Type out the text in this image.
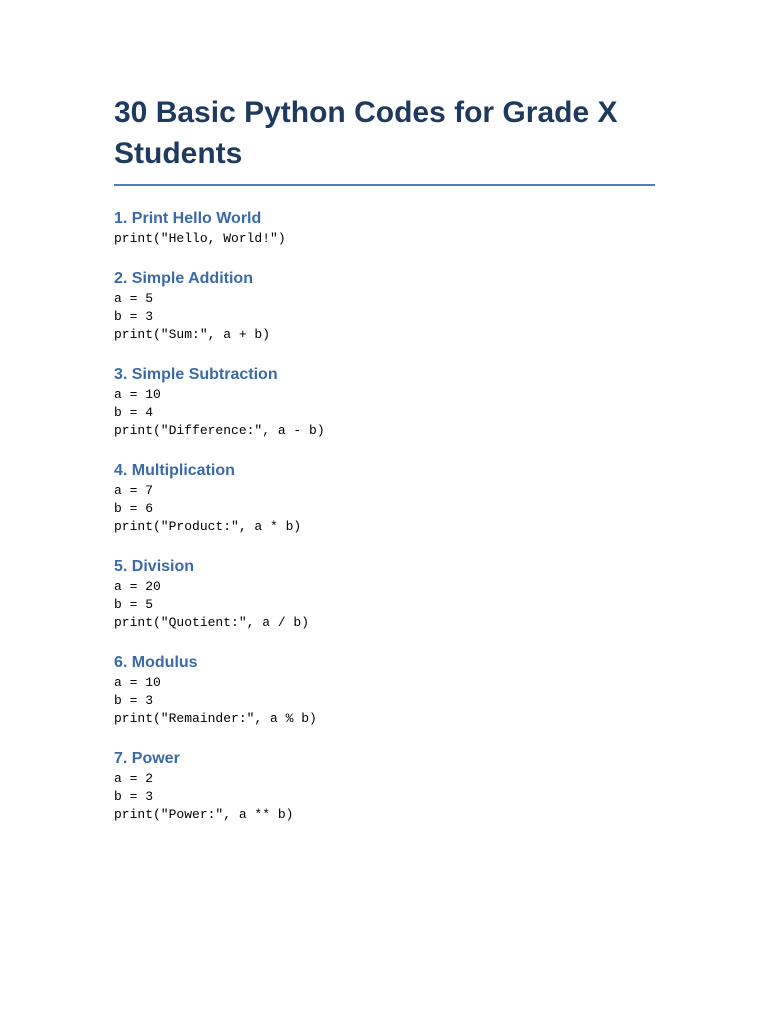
30 Basic Python Codes for Grade X Students
1. Print Hello World
print("Hello, World!")
2. Simple Addition
a = 5
b = 3
print("Sum:", a + b)
3. Simple Subtraction
a = 10
b = 4
print("Difference:", a - b)
4. Multiplication
a = 7
b = 6
print("Product:", a * b)
5. Division
a = 20
b = 5
print("Quotient:", a / b)
6. Modulus
a = 10
b = 3
print("Remainder:", a % b)
7. Power
a = 2
b = 3
print("Power:", a ** b)
